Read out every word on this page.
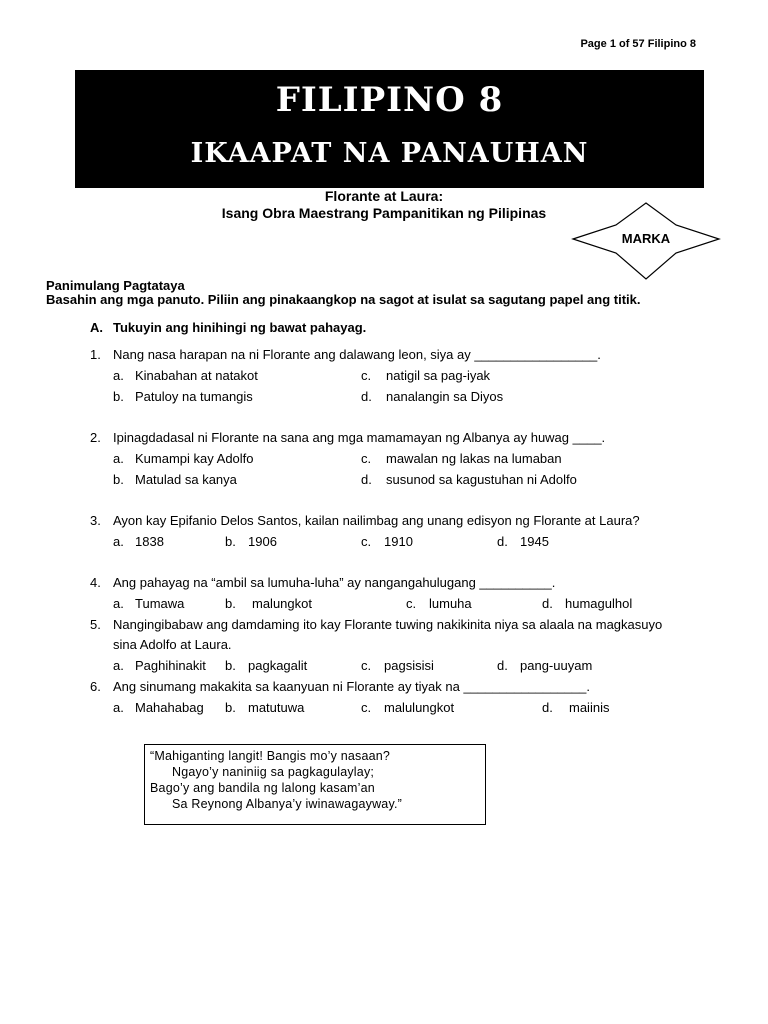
Page 1 of 57 Filipino 8
FILIPINO 8
IKAAPAT NA PANAUHAN
Florante at Laura:
Isang Obra Maestrang Pampanitikan ng Pilipinas
MARKA
Panimulang Pagtataya
Basahin ang mga panuto. Piliin ang pinakaangkop na sagot at isulat sa sagutang papel ang titik.
A. Tukuyin ang hinihingi ng bawat pahayag.
1. Nang nasa harapan na ni Florante ang dalawang leon, siya ay _________________.
a. Kinabahan at natakot	c. natigil sa pag-iyak
b. Patuloy na tumangis	d. nanalangin sa Diyos
2. Ipinagdadasal ni Florante na sana ang mga mamamayan ng Albanya ay huwag ____.
a. Kumampi kay Adolfo	c. mawalan ng lakas na lumaban
b. Matulad sa kanya	d. susunod sa kagustuhan ni Adolfo
3. Ayon kay Epifanio Delos Santos, kailan nailimbag ang unang edisyon ng Florante at Laura?
a. 1838	b. 1906	c. 1910	d. 1945
4. Ang pahayag na “ambil sa lumuha-luha” ay nangangahulugang __________.
a. Tumawa	b. malungkot	c. lumuha	d. humagulhol
5. Nangingibabaw ang damdaming ito kay Florante tuwing nakikinita niya sa alaala na magkasuyo
sina Adolfo at Laura.
a. Paghihinakit b. pagkagalit	c. pagsisisi	d. pang-uuyam
6. Ang sinumang makakita sa kaanyuan ni Florante ay tiyak na _________________.
a. Mahahabag b. matutuwa	c. malulungkot	d. maiinis
“Mahiganting langit! Bangis mo’y nasaan?
Ngayo’y naniniig sa pagkagulaylay;
Bago’y ang bandila ng lalong kasam’an
Sa Reynong Albanya’y iwinawagayway.”
